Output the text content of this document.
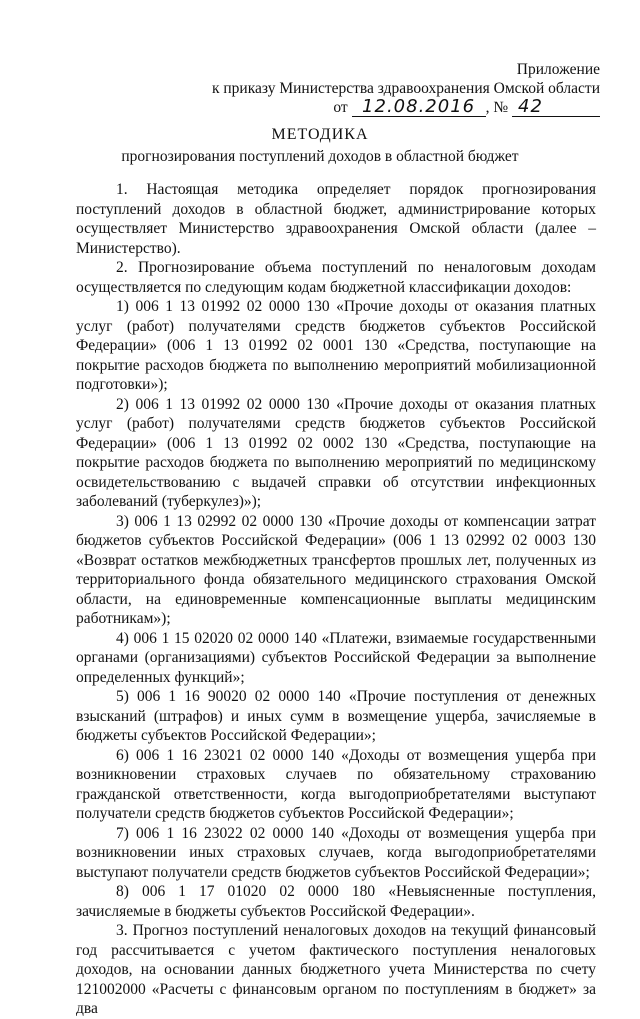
Приложение
к приказу Министерства здравоохранения Омской области
от 12.08.2016 , № 42
МЕТОДИКА
прогнозирования поступлений доходов в областной бюджет

1. Настоящая методика определяет порядок прогнозирования поступлений доходов в областной бюджет, администрирование которых осуществляет Министерство здравоохранения Омской области (далее – Министерство).

2. Прогнозирование объема поступлений по неналоговым доходам осуществляется по следующим кодам бюджетной классификации доходов:

1) 006 1 13 01992 02 0000 130 «Прочие доходы от оказания платных услуг (работ) получателями средств бюджетов субъектов Российской Федерации» (006 1 13 01992 02 0001 130 «Средства, поступающие на покрытие расходов бюджета по выполнению мероприятий мобилизационной подготовки»);

2) 006 1 13 01992 02 0000 130 «Прочие доходы от оказания платных услуг (работ) получателями средств бюджетов субъектов Российской Федерации» (006 1 13 01992 02 0002 130 «Средства, поступающие на покрытие расходов бюджета по выполнению мероприятий по медицинскому освидетельствованию с выдачей справки об отсутствии инфекционных заболеваний (туберкулез)»);

3) 006 1 13 02992 02 0000 130 «Прочие доходы от компенсации затрат бюджетов субъектов Российской Федерации» (006 1 13 02992 02 0003 130 «Возврат остатков межбюджетных трансфертов прошлых лет, полученных из территориального фонда обязательного медицинского страхования Омской области, на единовременные компенсационные выплаты медицинским работникам»);

4) 006 1 15 02020 02 0000 140 «Платежи, взимаемые государственными органами (организациями) субъектов Российской Федерации за выполнение определенных функций»;

5) 006 1 16 90020 02 0000 140 «Прочие поступления от денежных взысканий (штрафов) и иных сумм в возмещение ущерба, зачисляемые в бюджеты субъектов Российской Федерации»;

6) 006 1 16 23021 02 0000 140 «Доходы от возмещения ущерба при возникновении страховых случаев по обязательному страхованию гражданской ответственности, когда выгодоприобретателями выступают получатели средств бюджетов субъектов Российской Федерации»;

7) 006 1 16 23022 02 0000 140 «Доходы от возмещения ущерба при возникновении иных страховых случаев, когда выгодоприобретателями выступают получатели средств бюджетов субъектов Российской Федерации»;

8) 006 1 17 01020 02 0000 180 «Невыясненные поступления, зачисляемые в бюджеты субъектов Российской Федерации».

3. Прогноз поступлений неналоговых доходов на текущий финансовый год рассчитывается с учетом фактического поступления неналоговых доходов, на основании данных бюджетного учета Министерства по счету 121002000 «Расчеты с финансовым органом по поступлениям в бюджет» за два
